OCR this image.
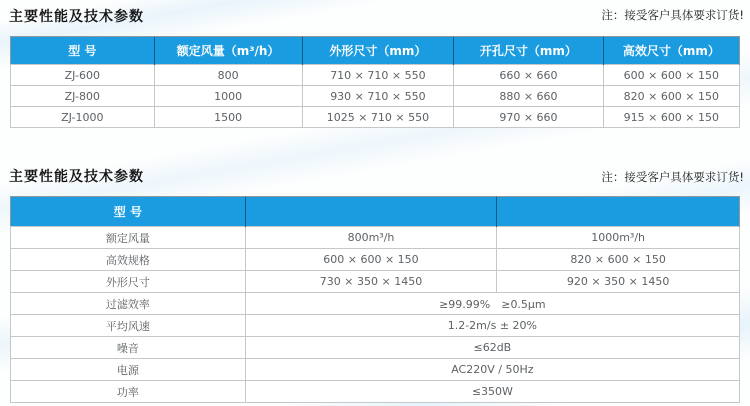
主要性能及技术参数	注：接受客户具体要求订货!
型 号	额定风量（m³/h）	外形尺寸（mm）	开孔尺寸（mm）	高效尺寸（mm）
ZJ-600	800	710 × 710 × 550	660 × 660	600 × 600 × 150
ZJ-800	1000	930 × 710 × 550	880 × 660	820 × 600 × 150
ZJ-1000	1500	1025 × 710 × 550	970 × 660	915 × 600 × 150
主要性能及技术参数	注：接受客户具体要求订货!
型 号		
额定风量	800m³/h	1000m³/h
高效规格	600 × 600 × 150	820 × 600 × 150
外形尺寸	730 × 350 × 1450	920 × 350 × 1450
过滤效率	≥99.99%　≥0.5μm	
平均风速	1.2-2m/s ± 20%	
噪音	≤62dB	
电源	AC220V / 50Hz	
功率	≤350W	
